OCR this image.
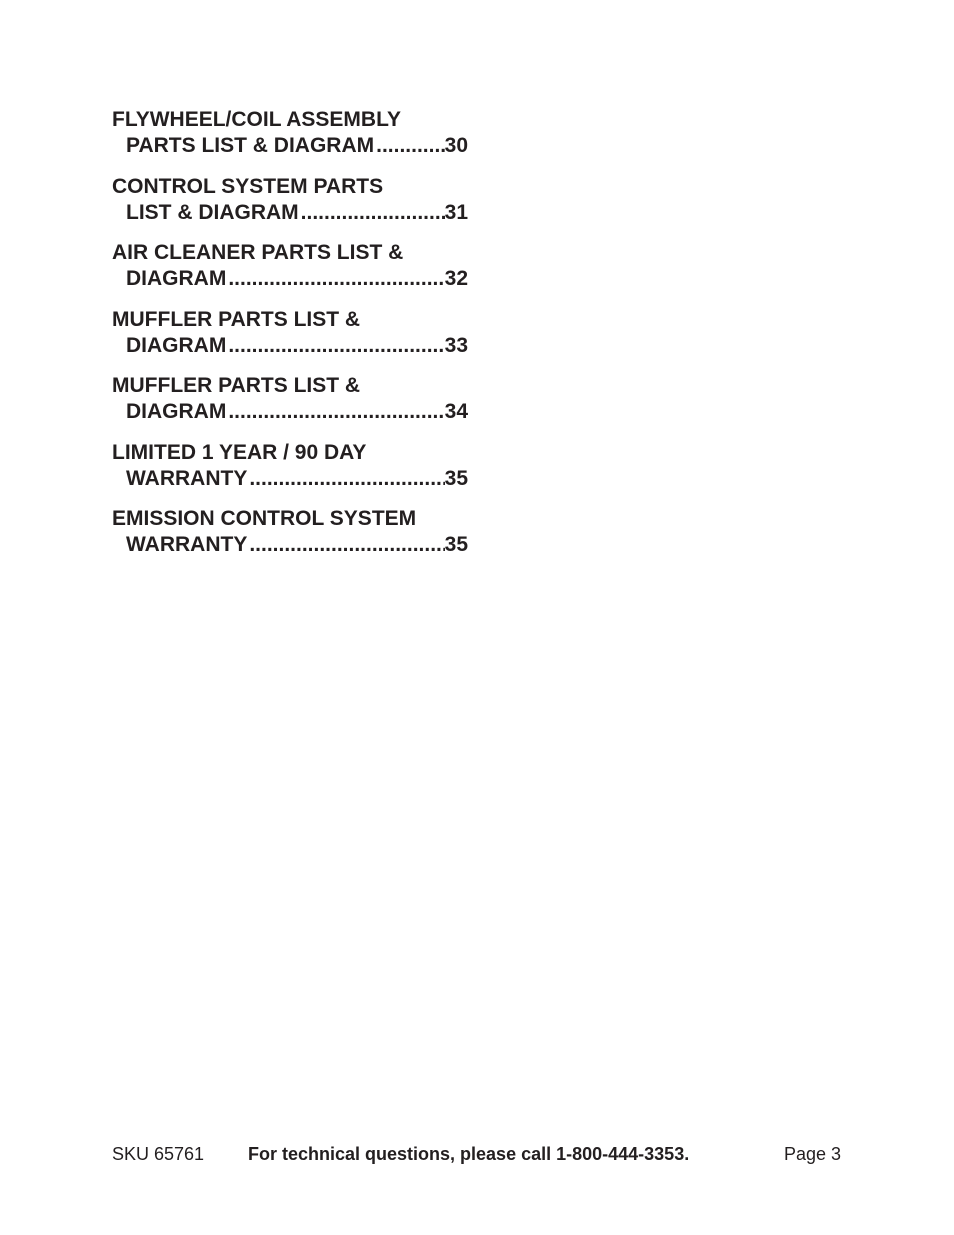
FLYWHEEL/COIL ASSEMBLY
PARTS LIST & DIAGRAM .....	30
CONTROL SYSTEM PARTS
LIST & DIAGRAM .....	31
AIR CLEANER PARTS LIST &
DIAGRAM .....	32
MUFFLER PARTS LIST &
DIAGRAM .....	33
MUFFLER PARTS LIST &
DIAGRAM .....	34
LIMITED 1 YEAR / 90 DAY
WARRANTY .....	35
EMISSION CONTROL SYSTEM
WARRANTY .....	35
SKU 65761 For technical questions, please call 1-800-444-3353.	Page 3
